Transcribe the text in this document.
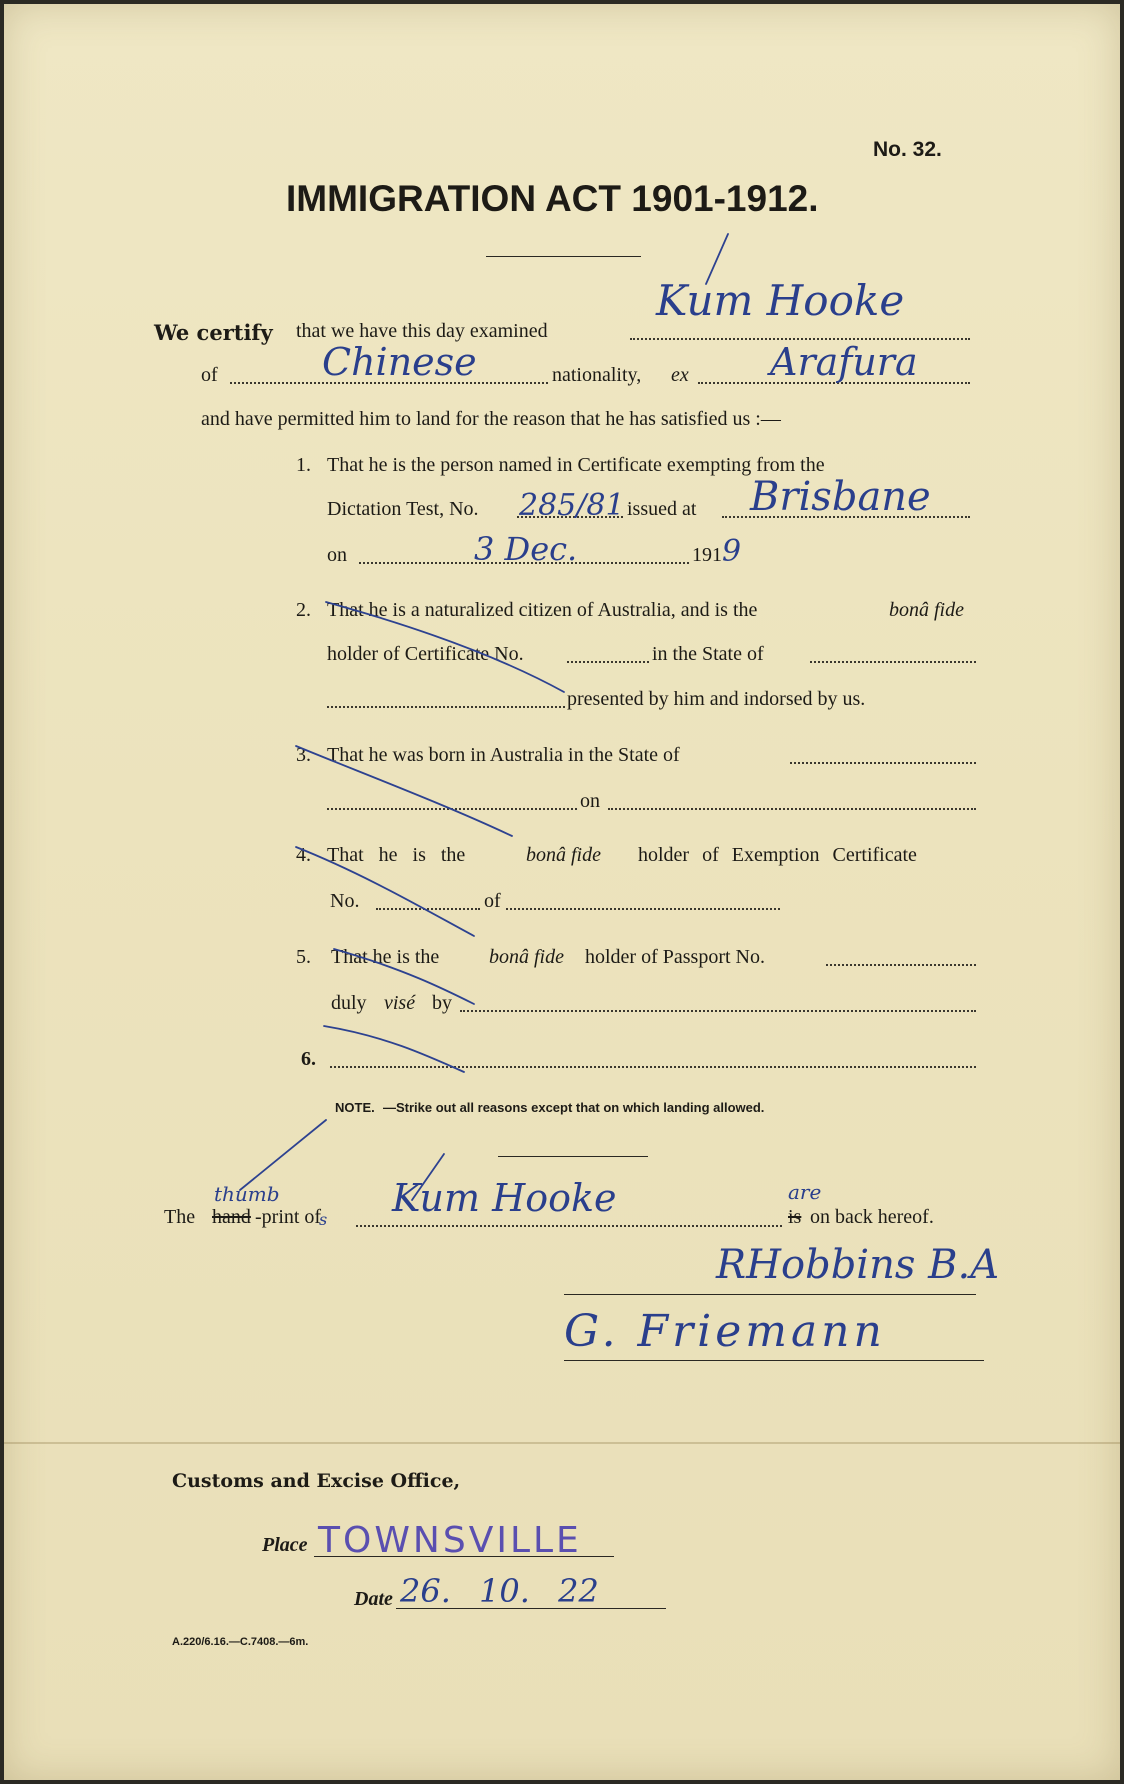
No. 32.
IMMIGRATION ACT 1901-1912.
We certify that we have this day examined
Kum Hooke
of	Chinese	nationality, ex Arafura
and have permitted him to land for the reason that he has satisfied us :—
1. That he is the person named in Certificate exempting from the
Dictation Test, No. 285/81 issued at Brisbane
on	3 Dec.	191 9
2. That he is a naturalized citizen of Australia, and is the	bonâ fide
holder of Certificate No.	in the State of
presented by him and indorsed by us.
3. That he was born in Australia in the State of
on
4. That he is the	bonâ fide holder of Exemption Certificate
No.	of
5. That he is the bonâ fide holder of Passport No.
duly visé by
6.
NOTE. —Strike out all reasons except that on which landing allowed.
The hand -print of
thumb
s Kum Hooke	are
is on back hereof.
RHobbins B.A
G. Friemann
Customs and Excise Office,
Place TOWNSVILLE
Date 26. 10. 22
A.220/6.16.—C.7408.—6m.
